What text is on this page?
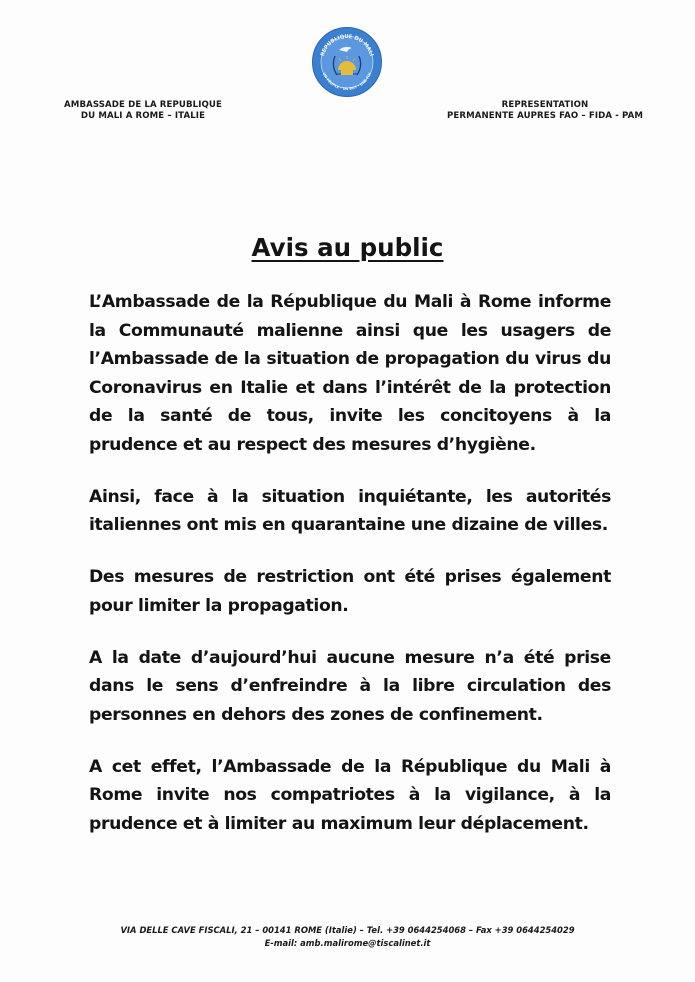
REPUBLIQUE DU MALI
UN PEUPLE · UN BUT · UNE FOI
AMBASSADE DE LA REPUBLIQUE
DU MALI A ROME – ITALIE
REPRESENTATION
PERMANENTE AUPRES FAO – FIDA - PAM
Avis au public

L’Ambassade de la République du Mali à Rome informe la Communauté malienne ainsi que les usagers de l’Ambassade de la situation de propagation du virus du Coronavirus en Italie et dans l’intérêt de la protection de la santé de tous, invite les concitoyens à la prudence et au respect des mesures d’hygiène.

Ainsi, face à la situation inquiétante, les autorités italiennes ont mis en quarantaine une dizaine de villes.

Des mesures de restriction ont été prises également pour limiter la propagation.

A la date d’aujourd’hui aucune mesure n’a été prise dans le sens d’enfreindre à la libre circulation des personnes en dehors des zones de confinement.

A cet effet, l’Ambassade de la République du Mali à Rome invite nos compatriotes à la vigilance, à la prudence et à limiter au maximum leur déplacement.

VIA DELLE CAVE FISCALI, 21 – 00141 ROME (Italie) – Tel. +39 0644254068 – Fax +39 0644254029
E-mail: amb.malirome@tiscalinet.it
